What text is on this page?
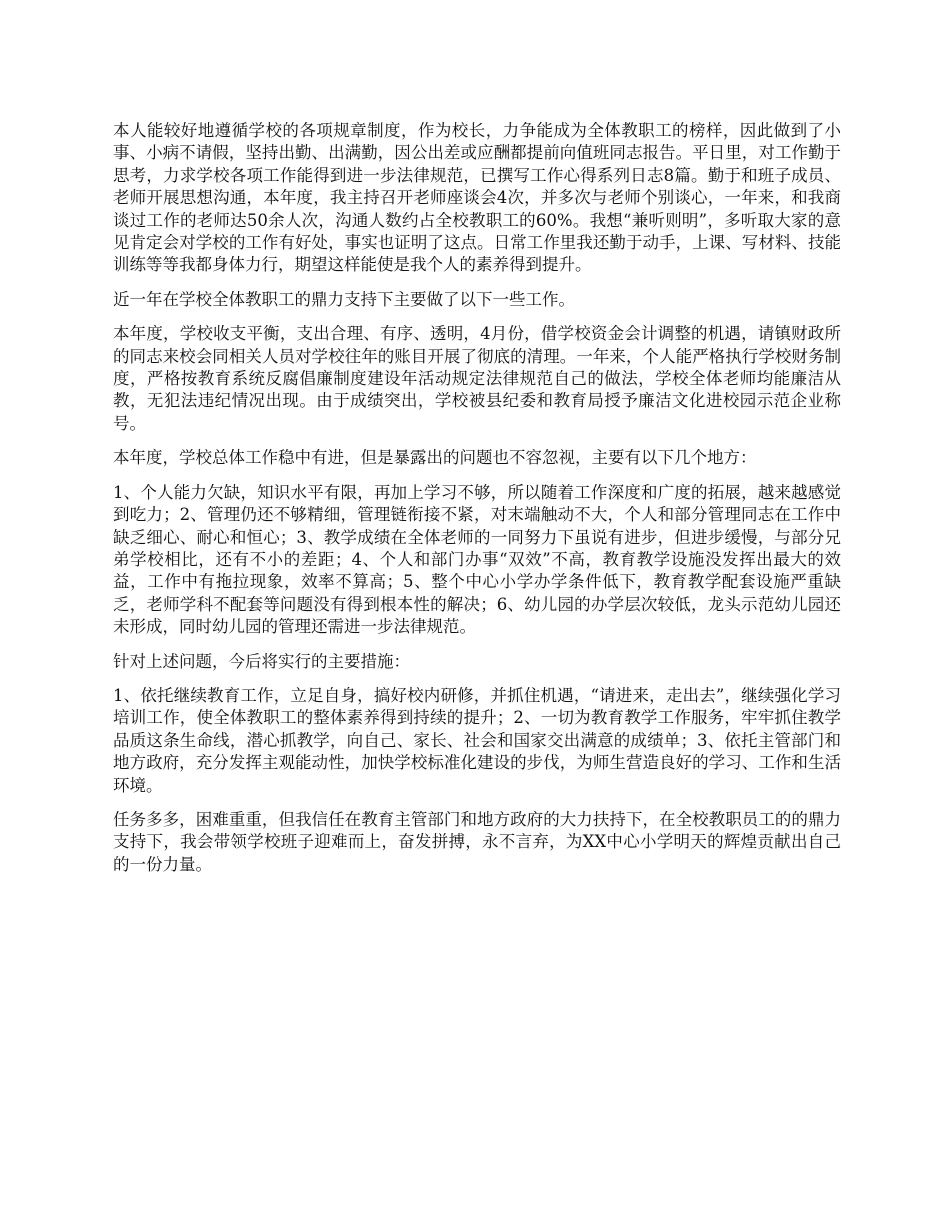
本人能较好地遵循学校的各项规章制度，作为校长，力争能成为全体教职工的榜样，因此做到了小事、小病不请假，坚持出勤、出满勤，因公出差或应酬都提前向值班同志报告。平日里，对工作勤于思考，力求学校各项工作能得到进一步法律规范，已撰写工作心得系列日志8篇。勤于和班子成员、老师开展思想沟通，本年度，我主持召开老师座谈会4次，并多次与老师个别谈心，一年来，和我商谈过工作的老师达50余人次，沟通人数约占全校教职工的60%。我想“兼听则明”，多听取大家的意见肯定会对学校的工作有好处，事实也证明了这点。日常工作里我还勤于动手，上课、写材料、技能训练等等我都身体力行，期望这样能使是我个人的素养得到提升。

近一年在学校全体教职工的鼎力支持下主要做了以下一些工作。

本年度，学校收支平衡，支出合理、有序、透明，4月份，借学校资金会计调整的机遇，请镇财政所的同志来校会同相关人员对学校往年的账目开展了彻底的清理。一年来，个人能严格执行学校财务制度，严格按教育系统反腐倡廉制度建设年活动规定法律规范自己的做法，学校全体老师均能廉洁从教，无犯法违纪情况出现。由于成绩突出，学校被县纪委和教育局授予廉洁文化进校园示范企业称号。

本年度，学校总体工作稳中有进，但是暴露出的问题也不容忽视，主要有以下几个地方：

1、个人能力欠缺，知识水平有限，再加上学习不够，所以随着工作深度和广度的拓展，越来越感觉到吃力；2、管理仍还不够精细，管理链衔接不紧，对末端触动不大，个人和部分管理同志在工作中缺乏细心、耐心和恒心；3、教学成绩在全体老师的一同努力下虽说有进步，但进步缓慢，与部分兄弟学校相比，还有不小的差距；4、个人和部门办事“双效”不高，教育教学设施没发挥出最大的效益，工作中有拖拉现象，效率不算高；5、整个中心小学办学条件低下，教育教学配套设施严重缺乏，老师学科不配套等问题没有得到根本性的解决；6、幼儿园的办学层次较低，龙头示范幼儿园还未形成，同时幼儿园的管理还需进一步法律规范。

针对上述问题，今后将实行的主要措施：

1、依托继续教育工作，立足自身，搞好校内研修，并抓住机遇，“请进来，走出去”，继续强化学习培训工作，使全体教职工的整体素养得到持续的提升；2、一切为教育教学工作服务，牢牢抓住教学品质这条生命线，潜心抓教学，向自己、家长、社会和国家交出满意的成绩单；3、依托主管部门和地方政府，充分发挥主观能动性，加快学校标准化建设的步伐，为师生营造良好的学习、工作和生活环境。

任务多多，困难重重，但我信任在教育主管部门和地方政府的大力扶持下，在全校教职员工的的鼎力支持下，我会带领学校班子迎难而上，奋发拼搏，永不言弃，为XX中心小学明天的辉煌贡献出自己的一份力量。
